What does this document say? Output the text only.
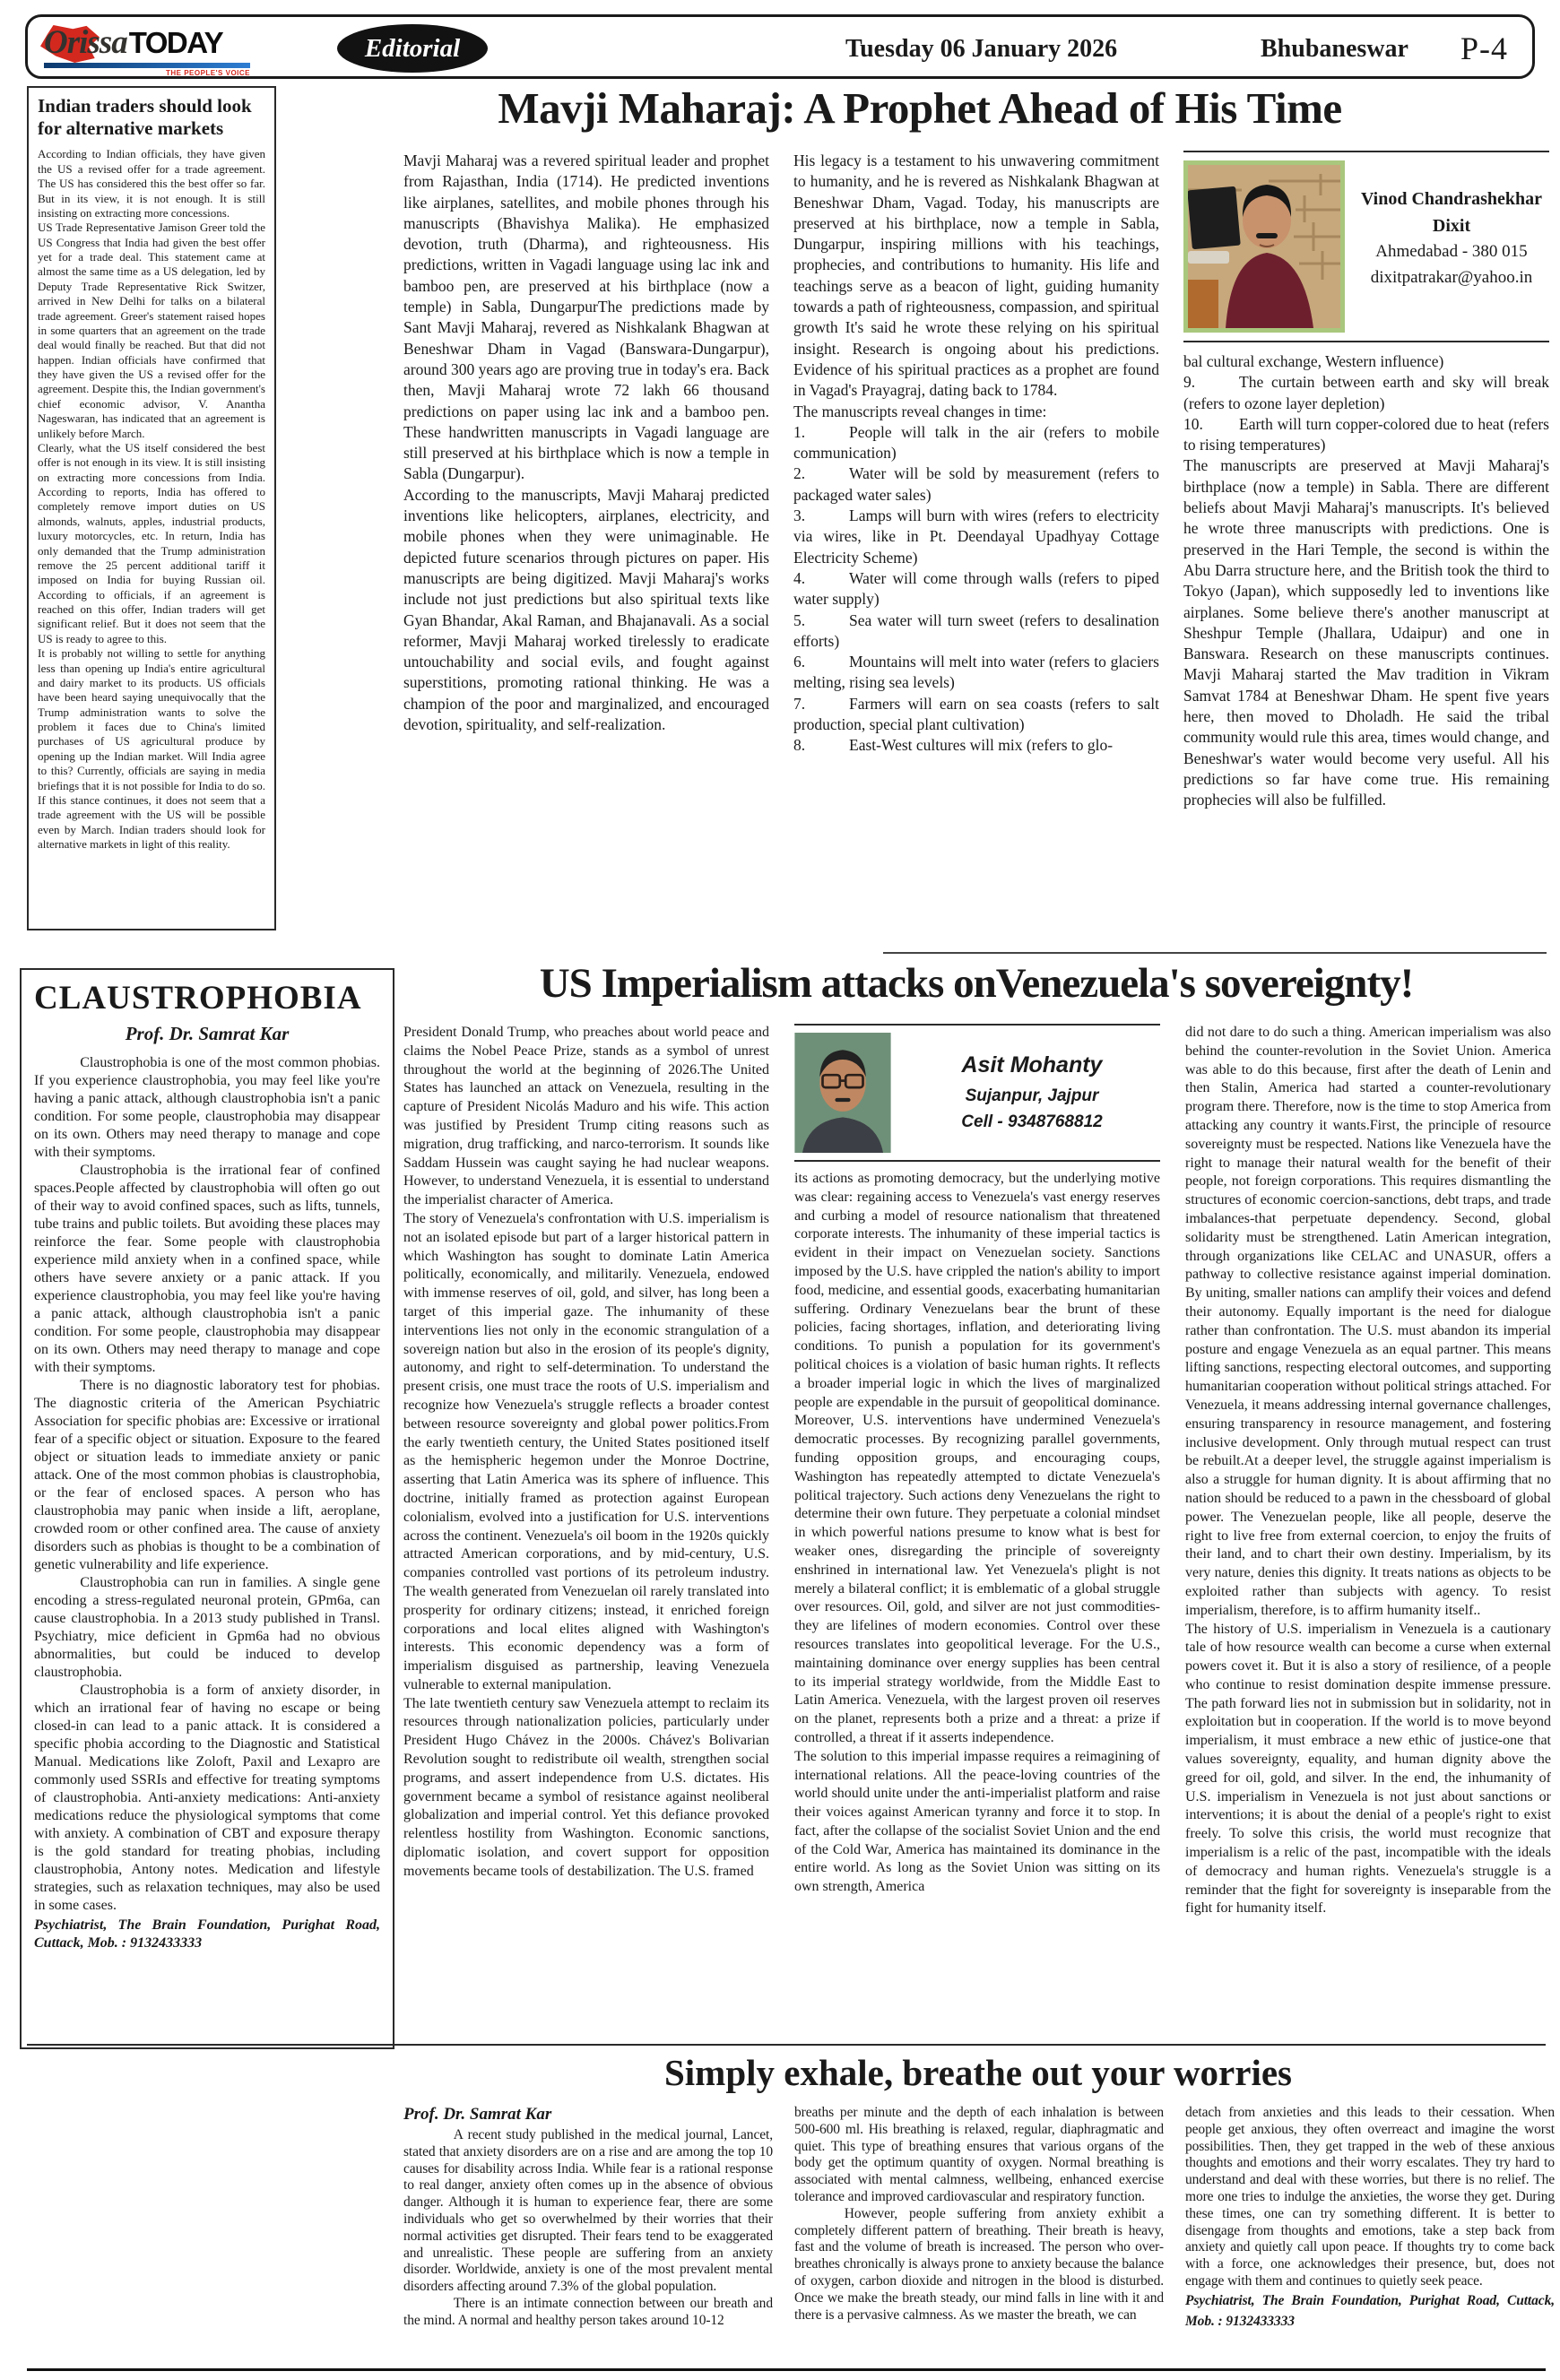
Orissa TODAY
THE PEOPLE'S VOICE
Editorial	Tuesday 06 January 2026	Bhubaneswar P-4
Indian traders should look for alternative markets

According to Indian officials, they have given the US a revised offer for a trade agreement. The US has considered this the best offer so far. But in its view, it is not enough. It is still insisting on extracting more concessions.

US Trade Representative Jamison Greer told the US Congress that India had given the best offer yet for a trade deal. This statement came at almost the same time as a US delegation, led by Deputy Trade Representative Rick Switzer, arrived in New Delhi for talks on a bilateral trade agreement. Greer's statement raised hopes in some quarters that an agreement on the trade deal would finally be reached. But that did not happen. Indian officials have confirmed that they have given the US a revised offer for the agreement. Despite this, the Indian government's chief economic advisor, V. Anantha Nageswaran, has indicated that an agreement is unlikely before March.

Clearly, what the US itself considered the best offer is not enough in its view. It is still insisting on extracting more concessions from India. According to reports, India has offered to completely remove import duties on US almonds, walnuts, apples, industrial products, luxury motorcycles, etc. In return, India has only demanded that the Trump administration remove the 25 percent additional tariff it imposed on India for buying Russian oil. According to officials, if an agreement is reached on this offer, Indian traders will get significant relief. But it does not seem that the US is ready to agree to this.

It is probably not willing to settle for anything less than opening up India's entire agricultural and dairy market to its products. US officials have been heard saying unequivocally that the Trump administration wants to solve the problem it faces due to China's limited purchases of US agricultural produce by opening up the Indian market. Will India agree to this? Currently, officials are saying in media briefings that it is not possible for India to do so. If this stance continues, it does not seem that a trade agreement with the US will be possible even by March. Indian traders should look for alternative markets in light of this reality.

Mavji Maharaj: A Prophet Ahead of His Time

Mavji Maharaj was a revered spiritual leader and prophet from Rajasthan, India (1714). He predicted inventions like airplanes, satellites, and mobile phones through his manuscripts (Bhavishya Malika). He emphasized devotion, truth (Dharma), and righteousness. His predictions, written in Vagadi language using lac ink and bamboo pen, are preserved at his birthplace (now a temple) in Sabla, DungarpurThe predictions made by Sant Mavji Maharaj, revered as Nishkalank Bhagwan at Beneshwar Dham in Vagad (Banswara-Dungarpur), around 300 years ago are proving true in today's era. Back then, Mavji Maharaj wrote 72 lakh 66 thousand predictions on paper using lac ink and a bamboo pen. These handwritten manuscripts in Vagadi language are still preserved at his birthplace which is now a temple in Sabla (Dungarpur).

According to the manuscripts, Mavji Maharaj predicted inventions like helicopters, airplanes, electricity, and mobile phones when they were unimaginable. He depicted future scenarios through pictures on paper. His manuscripts are being digitized. Mavji Maharaj's works include not just predictions but also spiritual texts like Gyan Bhandar, Akal Raman, and Bhajanavali. As a social reformer, Mavji Maharaj worked tirelessly to eradicate untouchability and social evils, and fought against superstitions, promoting rational thinking. He was a champion of the poor and marginalized, and encouraged devotion, spirituality, and self-realization.

His legacy is a testament to his unwavering commitment to humanity, and he is revered as Nishkalank Bhagwan at Beneshwar Dham, Vagad. Today, his manuscripts are preserved at his birthplace, now a temple in Sabla, Dungarpur, inspiring millions with his teachings, prophecies, and contributions to humanity. His life and teachings serve as a beacon of light, guiding humanity towards a path of righteousness, compassion, and spiritual growth It's said he wrote these relying on his spiritual insight. Research is ongoing about his predictions. Evidence of his spiritual practices as a prophet are found in Vagad's Prayagraj, dating back to 1784.

The manuscripts reveal changes in time:

1.	People will talk in the air (refers to mobile communication)

2.	Water will be sold by measurement (refers to packaged water sales)

3.	Lamps will burn with wires (refers to electricity via wires, like in Pt. Deendayal Upadhyay Cottage Electricity Scheme)

4.	Water will come through walls (refers to piped water supply)

5.	Sea water will turn sweet (refers to desalination efforts)

6.	Mountains will melt into water (refers to glaciers melting, rising sea levels)

7.	Farmers will earn on sea coasts (refers to salt production, special plant cultivation)

8.	East-West cultures will mix (refers to glo-

Vinod Chandrashekhar Dixit
Ahmedabad - 380 015
dixitpatrakar@yahoo.in

bal cultural exchange, Western influence)

9.	The curtain between earth and sky will break (refers to ozone layer depletion)

10. Earth will turn copper-colored due to heat (refers to rising temperatures)

The manuscripts are preserved at Mavji Maharaj's birthplace (now a temple) in Sabla. There are different beliefs about Mavji Maharaj's manuscripts. It's believed he wrote three manuscripts with predictions. One is preserved in the Hari Temple, the second is within the Abu Darra structure here, and the British took the third to Tokyo (Japan), which supposedly led to inventions like airplanes. Some believe there's another manuscript at Sheshpur Temple (Jhallara, Udaipur) and one in Banswara. Research on these manuscripts continues. Mavji Maharaj started the Mav tradition in Vikram Samvat 1784 at Beneshwar Dham. He spent five years here, then moved to Dholadh. He said the tribal community would rule this area, times would change, and Beneshwar's water would become very useful. All his predictions so far have come true. His remaining prophecies will also be fulfilled.

US Imperialism attacks onVenezuela's sovereignty!

President Donald Trump, who preaches about world peace and claims the Nobel Peace Prize, stands as a symbol of unrest throughout the world at the beginning of 2026.The United States has launched an attack on Venezuela, resulting in the capture of President Nicolás Maduro and his wife. This action was justified by President Trump citing reasons such as migration, drug trafficking, and narco-terrorism. It sounds like Saddam Hussein was caught saying he had nuclear weapons. However, to understand Venezuela, it is essential to understand the imperialist character of America.

The story of Venezuela's confrontation with U.S. imperialism is not an isolated episode but part of a larger historical pattern in which Washington has sought to dominate Latin America politically, economically, and militarily. Venezuela, endowed with immense reserves of oil, gold, and silver, has long been a target of this imperial gaze. The inhumanity of these interventions lies not only in the economic strangulation of a sovereign nation but also in the erosion of its people's dignity, autonomy, and right to self-determination. To understand the present crisis, one must trace the roots of U.S. imperialism and recognize how Venezuela's struggle reflects a broader contest between resource sovereignty and global power politics.From the early twentieth century, the United States positioned itself as the hemispheric hegemon under the Monroe Doctrine, asserting that Latin America was its sphere of influence. This doctrine, initially framed as protection against European colonialism, evolved into a justification for U.S. interventions across the continent. Venezuela's oil boom in the 1920s quickly attracted American corporations, and by mid-century, U.S. companies controlled vast portions of its petroleum industry. The wealth generated from Venezuelan oil rarely translated into prosperity for ordinary citizens; instead, it enriched foreign corporations and local elites aligned with Washington's interests. This economic dependency was a form of imperialism disguised as partnership, leaving Venezuela vulnerable to external manipulation.

The late twentieth century saw Venezuela attempt to reclaim its resources through nationalization policies, particularly under President Hugo Chávez in the 2000s. Chávez's Bolivarian Revolution sought to redistribute oil wealth, strengthen social programs, and assert independence from U.S. dictates. His government became a symbol of resistance against neoliberal globalization and imperial control. Yet this defiance provoked relentless hostility from Washington. Economic sanctions, diplomatic isolation, and covert support for opposition movements became tools of destabilization. The U.S. framed

Asit Mohanty
Sujanpur, Jajpur
Cell - 9348768812

its actions as promoting democracy, but the underlying motive was clear: regaining access to Venezuela's vast energy reserves and curbing a model of resource nationalism that threatened corporate interests. The inhumanity of these imperial tactics is evident in their impact on Venezuelan society. Sanctions imposed by the U.S. have crippled the nation's ability to import food, medicine, and essential goods, exacerbating humanitarian suffering. Ordinary Venezuelans bear the brunt of these policies, facing shortages, inflation, and deteriorating living conditions. To punish a population for its government's political choices is a violation of basic human rights. It reflects a broader imperial logic in which the lives of marginalized people are expendable in the pursuit of geopolitical dominance. Moreover, U.S. interventions have undermined Venezuela's democratic processes. By recognizing parallel governments, funding opposition groups, and encouraging coups, Washington has repeatedly attempted to dictate Venezuela's political trajectory. Such actions deny Venezuelans the right to determine their own future. They perpetuate a colonial mindset in which powerful nations presume to know what is best for weaker ones, disregarding the principle of sovereignty enshrined in international law. Yet Venezuela's plight is not merely a bilateral conflict; it is emblematic of a global struggle over resources. Oil, gold, and silver are not just commodities-they are lifelines of modern economies. Control over these resources translates into geopolitical leverage. For the U.S., maintaining dominance over energy supplies has been central to its imperial strategy worldwide, from the Middle East to Latin America. Venezuela, with the largest proven oil reserves on the planet, represents both a prize and a threat: a prize if controlled, a threat if it asserts independence.

The solution to this imperial impasse requires a reimagining of international relations. All the peace-loving countries of the world should unite under the anti-imperialist platform and raise their voices against American tyranny and force it to stop. In fact, after the collapse of the socialist Soviet Union and the end of the Cold War, America has maintained its dominance in the entire world. As long as the Soviet Union was sitting on its own strength, America

did not dare to do such a thing. American imperialism was also behind the counter-revolution in the Soviet Union. America was able to do this because, first after the death of Lenin and then Stalin, America had started a counter-revolutionary program there. Therefore, now is the time to stop America from attacking any country it wants.First, the principle of resource sovereignty must be respected. Nations like Venezuela have the right to manage their natural wealth for the benefit of their people, not foreign corporations. This requires dismantling the structures of economic coercion-sanctions, debt traps, and trade imbalances-that perpetuate dependency. Second, global solidarity must be strengthened. Latin American integration, through organizations like CELAC and UNASUR, offers a pathway to collective resistance against imperial domination. By uniting, smaller nations can amplify their voices and defend their autonomy. Equally important is the need for dialogue rather than confrontation. The U.S. must abandon its imperial posture and engage Venezuela as an equal partner. This means lifting sanctions, respecting electoral outcomes, and supporting humanitarian cooperation without political strings attached. For Venezuela, it means addressing internal governance challenges, ensuring transparency in resource management, and fostering inclusive development. Only through mutual respect can trust be rebuilt.At a deeper level, the struggle against imperialism is also a struggle for human dignity. It is about affirming that no nation should be reduced to a pawn in the chessboard of global power. The Venezuelan people, like all people, deserve the right to live free from external coercion, to enjoy the fruits of their land, and to chart their own destiny. Imperialism, by its very nature, denies this dignity. It treats nations as objects to be exploited rather than subjects with agency. To resist imperialism, therefore, is to affirm humanity itself..

The history of U.S. imperialism in Venezuela is a cautionary tale of how resource wealth can become a curse when external powers covet it. But it is also a story of resilience, of a people who continue to resist domination despite immense pressure. The path forward lies not in submission but in solidarity, not in exploitation but in cooperation. If the world is to move beyond imperialism, it must embrace a new ethic of justice-one that values sovereignty, equality, and human dignity above the greed for oil, gold, and silver. In the end, the inhumanity of U.S. imperialism in Venezuela is not just about sanctions or interventions; it is about the denial of a people's right to exist freely. To solve this crisis, the world must recognize that imperialism is a relic of the past, incompatible with the ideals of democracy and human rights. Venezuela's struggle is a reminder that the fight for sovereignty is inseparable from the fight for humanity itself.

CLAUSTROPHOBIA
Prof. Dr. Samrat Kar

Claustrophobia is one of the most common phobias. If you experience claustrophobia, you may feel like you're having a panic attack, although claustrophobia isn't a panic condition. For some people, claustrophobia may disappear on its own. Others may need therapy to manage and cope with their symptoms.

Claustrophobia is the irrational fear of confined spaces.People affected by claustrophobia will often go out of their way to avoid confined spaces, such as lifts, tunnels, tube trains and public toilets. But avoiding these places may reinforce the fear. Some people with claustrophobia experience mild anxiety when in a confined space, while others have severe anxiety or a panic attack. If you experience claustrophobia, you may feel like you're having a panic attack, although claustrophobia isn't a panic condition. For some people, claustrophobia may disappear on its own. Others may need therapy to manage and cope with their symptoms.

There is no diagnostic laboratory test for phobias. The diagnostic criteria of the American Psychiatric Association for specific phobias are: Excessive or irrational fear of a specific object or situation. Exposure to the feared object or situation leads to immediate anxiety or panic attack. One of the most common phobias is claustrophobia, or the fear of enclosed spaces. A person who has claustrophobia may panic when inside a lift, aeroplane, crowded room or other confined area. The cause of anxiety disorders such as phobias is thought to be a combination of genetic vulnerability and life experience.

Claustrophobia can run in families. A single gene encoding a stress-regulated neuronal protein, GPm6a, can cause claustrophobia. In a 2013 study published in Transl. Psychiatry, mice deficient in Gpm6a had no obvious abnormalities, but could be induced to develop claustrophobia.

Claustrophobia is a form of anxiety disorder, in which an irrational fear of having no escape or being closed-in can lead to a panic attack. It is considered a specific phobia according to the Diagnostic and Statistical Manual. Medications like Zoloft, Paxil and Lexapro are commonly used SSRIs and effective for treating symptoms of claustrophobia. Anti-anxiety medications: Anti-anxiety medications reduce the physiological symptoms that come with anxiety. A combination of CBT and exposure therapy is the gold standard for treating phobias, including claustrophobia, Antony notes. Medication and lifestyle strategies, such as relaxation techniques, may also be used in some cases.

Psychiatrist, The Brain Foundation, Purighat Road, Cuttack, Mob. : 9132433333

Simply exhale, breathe out your worries
Prof. Dr. Samrat Kar

A recent study published in the medical journal, Lancet, stated that anxiety disorders are on a rise and are among the top 10 causes for disability across India. While fear is a rational response to real danger, anxiety often comes up in the absence of obvious danger. Although it is human to experience fear, there are some individuals who get so overwhelmed by their worries that their normal activities get disrupted. Their fears tend to be exaggerated and unrealistic. These people are suffering from an anxiety disorder. Worldwide, anxiety is one of the most prevalent mental disorders affecting around 7.3% of the global population.

There is an intimate connection between our breath and the mind. A normal and healthy person takes around 10-12

breaths per minute and the depth of each inhalation is between 500-600 ml. His breathing is relaxed, regular, diaphragmatic and quiet. This type of breathing ensures that various organs of the body get the optimum quantity of oxygen. Normal breathing is associated with mental calmness, wellbeing, enhanced exercise tolerance and improved cardiovascular and respiratory function.

However, people suffering from anxiety exhibit a completely different pattern of breathing. Their breath is heavy, fast and the volume of breath is increased. The person who over-breathes chronically is always prone to anxiety because the balance of oxygen, carbon dioxide and nitrogen in the blood is disturbed. Once we make the breath steady, our mind falls in line with it and there is a pervasive calmness. As we master the breath, we can

detach from anxieties and this leads to their cessation. When people get anxious, they often overreact and imagine the worst possibilities. Then, they get trapped in the web of these anxious thoughts and emotions and their worry escalates. They try hard to understand and deal with these worries, but there is no relief. The more one tries to indulge the anxieties, the worse they get. During these times, one can try something different. It is better to disengage from thoughts and emotions, take a step back from anxiety and quietly call upon peace. If thoughts try to come back with a force, one acknowledges their presence, but, does not engage with them and continues to quietly seek peace.

Psychiatrist, The Brain Foundation, Purighat Road, Cuttack, Mob. : 9132433333
